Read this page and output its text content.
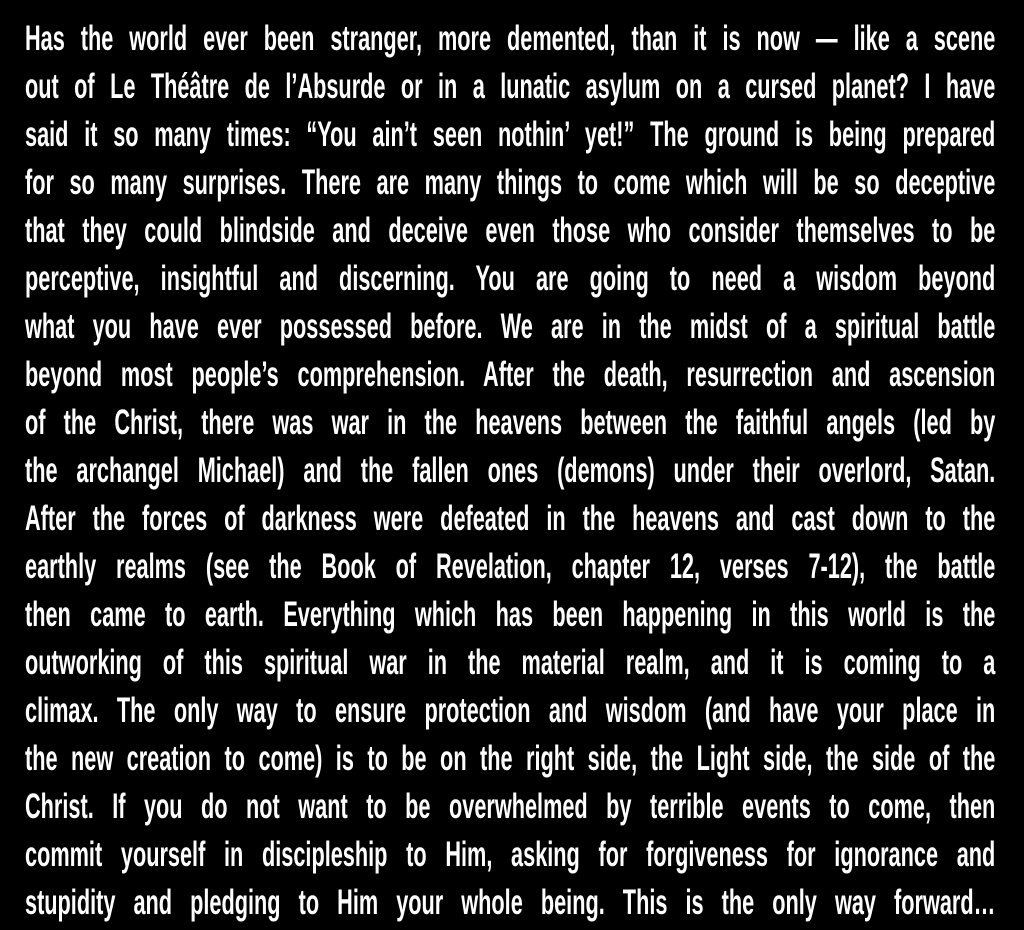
Has the world ever been stranger, more demented, than it is now — like a scene
out of Le Théâtre de l’Absurde or in a lunatic asylum on a cursed planet? I have
said it so many times: “You ain’t seen nothin’ yet!” The ground is being prepared
for so many surprises. There are many things to come which will be so deceptive
that they could blindside and deceive even those who consider themselves to be
perceptive, insightful and discerning. You are going to need a wisdom beyond
what you have ever possessed before. We are in the midst of a spiritual battle
beyond most people’s comprehension. After the death, resurrection and ascension
of the Christ, there was war in the heavens between the faithful angels (led by
the archangel Michael) and the fallen ones (demons) under their overlord, Satan.
After the forces of darkness were defeated in the heavens and cast down to the
earthly realms (see the Book of Revelation, chapter 12, verses 7-12), the battle
then came to earth. Everything which has been happening in this world is the
outworking of this spiritual war in the material realm, and it is coming to a
climax. The only way to ensure protection and wisdom (and have your place in
the new creation to come) is to be on the right side, the Light side, the side of the
Christ. If you do not want to be overwhelmed by terrible events to come, then
commit yourself in discipleship to Him, asking for forgiveness for ignorance and
stupidity and pledging to Him your whole being. This is the only way forward…
